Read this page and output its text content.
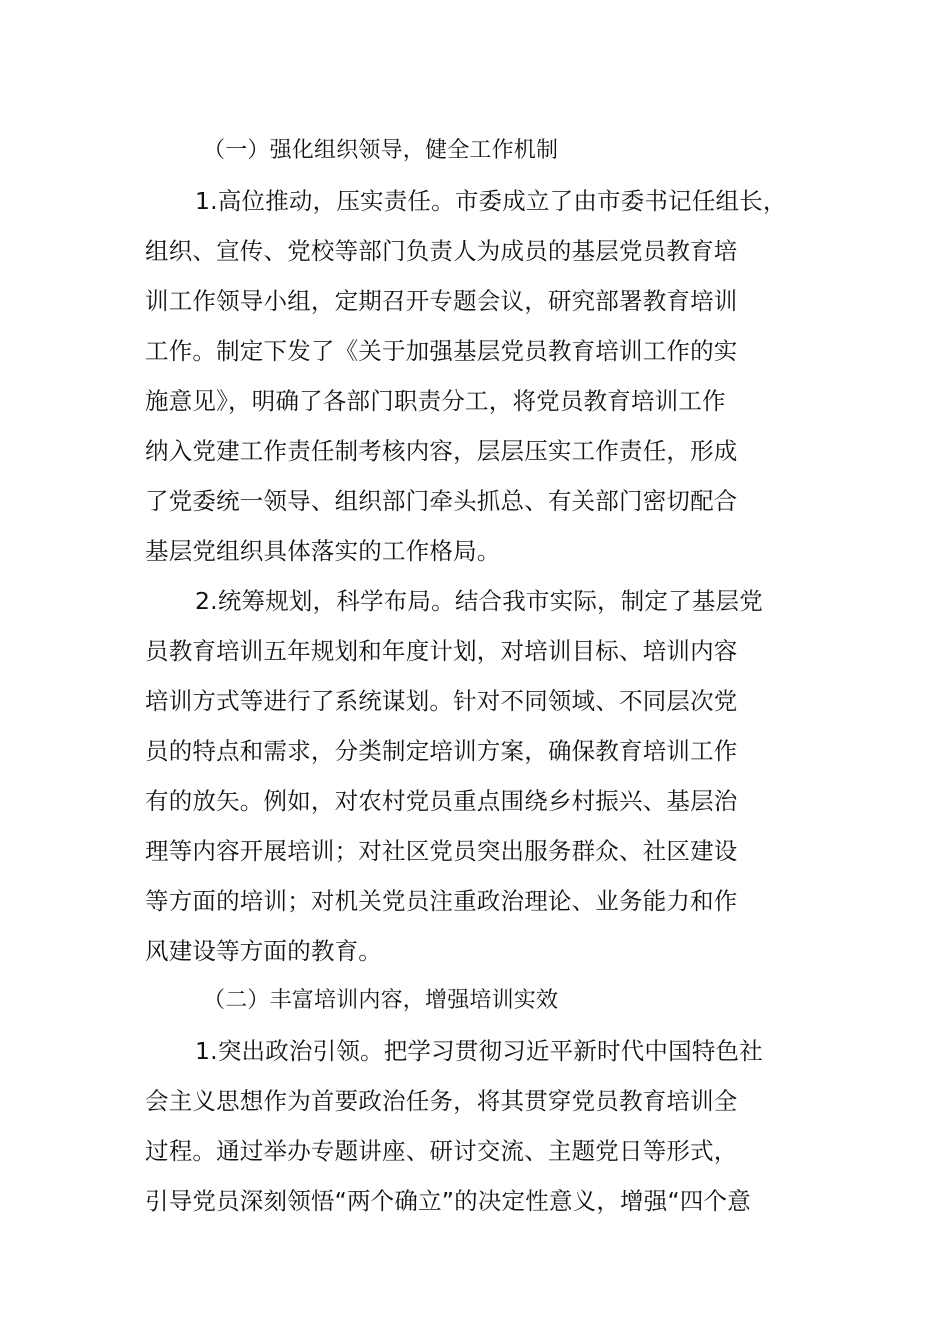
（一）强化组织领导，健全工作机制
1.高位推动，压实责任。市委成立了由市委书记任组长，
组织、宣传、党校等部门负责人为成员的基层党员教育培
训工作领导小组，定期召开专题会议，研究部署教育培训
工作。制定下发了《关于加强基层党员教育培训工作的实
施意见》，明确了各部门职责分工，将党员教育培训工作
纳入党建工作责任制考核内容，层层压实工作责任，形成
了党委统一领导、组织部门牵头抓总、有关部门密切配合
基层党组织具体落实的工作格局。
2.统筹规划，科学布局。结合我市实际，制定了基层党
员教育培训五年规划和年度计划，对培训目标、培训内容
培训方式等进行了系统谋划。针对不同领域、不同层次党
员的特点和需求，分类制定培训方案，确保教育培训工作
有的放矢。例如，对农村党员重点围绕乡村振兴、基层治
理等内容开展培训；对社区党员突出服务群众、社区建设
等方面的培训；对机关党员注重政治理论、业务能力和作
风建设等方面的教育。
（二）丰富培训内容，增强培训实效
1.突出政治引领。把学习贯彻习近平新时代中国特色社
会主义思想作为首要政治任务，将其贯穿党员教育培训全
过程。通过举办专题讲座、研讨交流、主题党日等形式，
引导党员深刻领悟“两个确立”的决定性意义，增强“四个意
